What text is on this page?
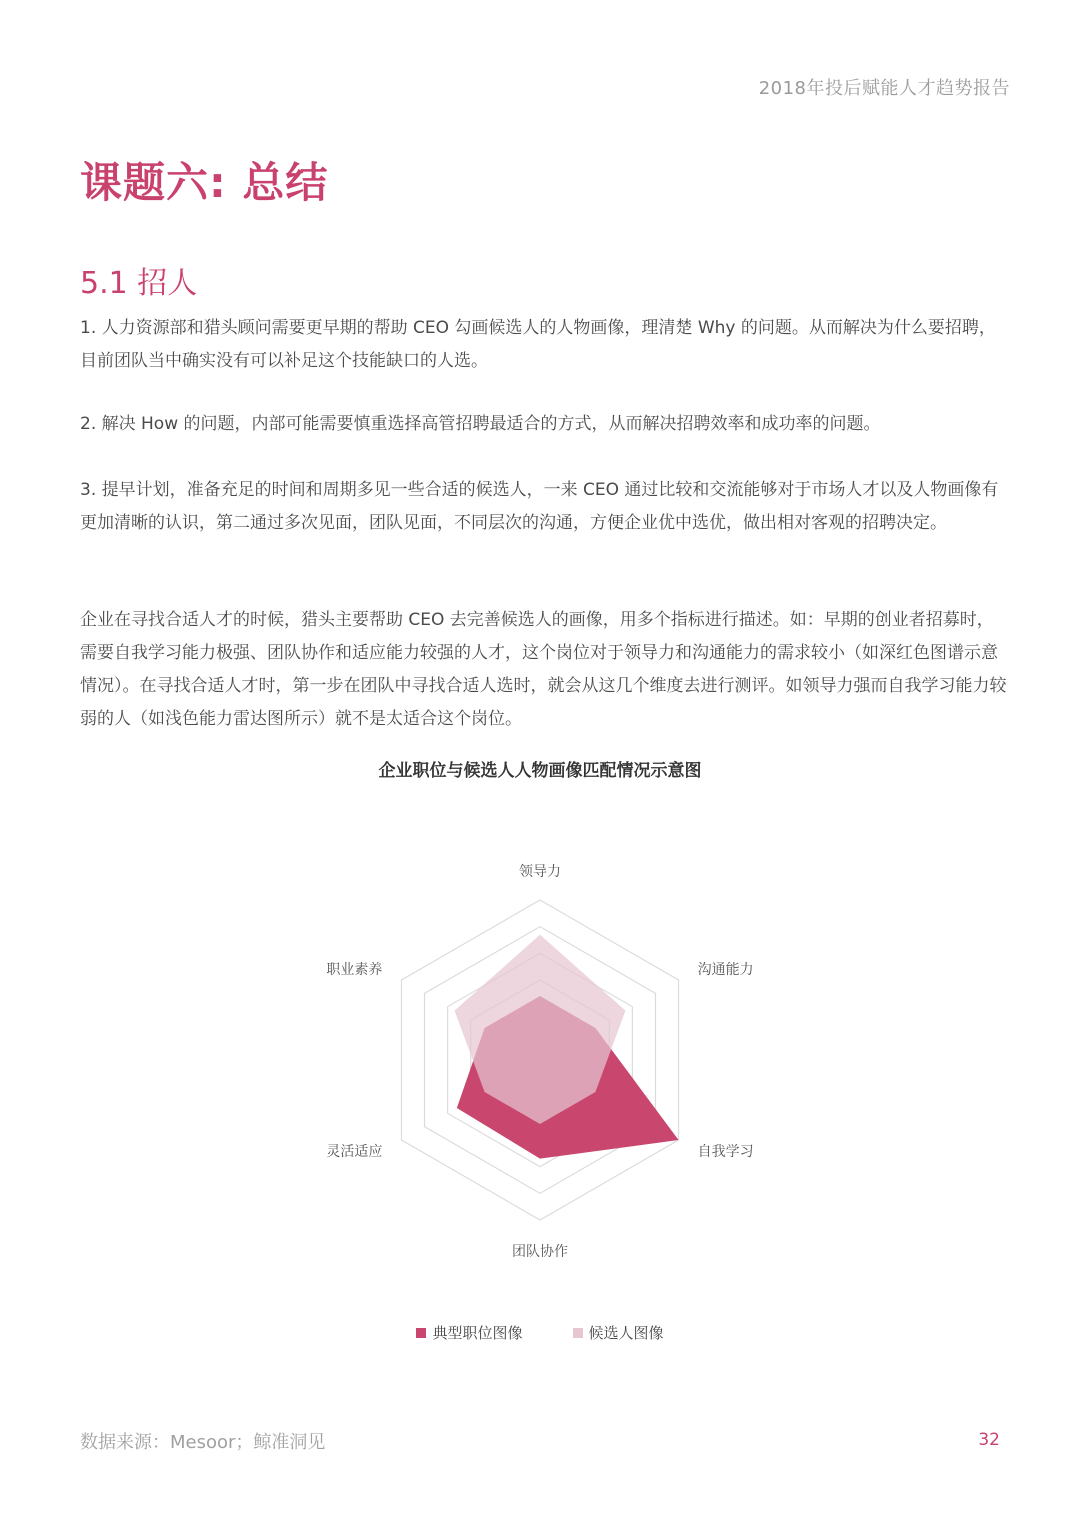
2018年投后赋能人才趋势报告
课题六: 总结
5.1 招人

1. 人力资源部和猎头顾问需要更早期的帮助 CEO 勾画候选人的人物画像，理清楚 Why 的问题。从而解决为什么要招聘，目前团队当中确实没有可以补足这个技能缺口的人选。

2. 解决 How 的问题，内部可能需要慎重选择高管招聘最适合的方式，从而解决招聘效率和成功率的问题。

3. 提早计划，准备充足的时间和周期多见一些合适的候选人，一来 CEO 通过比较和交流能够对于市场人才以及人物画像有更加清晰的认识，第二通过多次见面，团队见面，不同层次的沟通，方便企业优中选优，做出相对客观的招聘决定。

企业在寻找合适人才的时候，猎头主要帮助 CEO 去完善候选人的画像，用多个指标进行描述。如：早期的创业者招募时，需要自我学习能力极强、团队协作和适应能力较强的人才，这个岗位对于领导力和沟通能力的需求较小（如深红色图谱示意情况）。在寻找合适人才时，第一步在团队中寻找合适人选时，就会从这几个维度去进行测评。如领导力强而自我学习能力较弱的人（如浅色能力雷达图所示）就不是太适合这个岗位。

企业职位与候选人人物画像匹配情况示意图
领导力
沟通能力
自我学习
团队协作
灵活适应
职业素养
典型职位图像	候选人图像
数据来源：Mesoor；鲸准洞见	32
